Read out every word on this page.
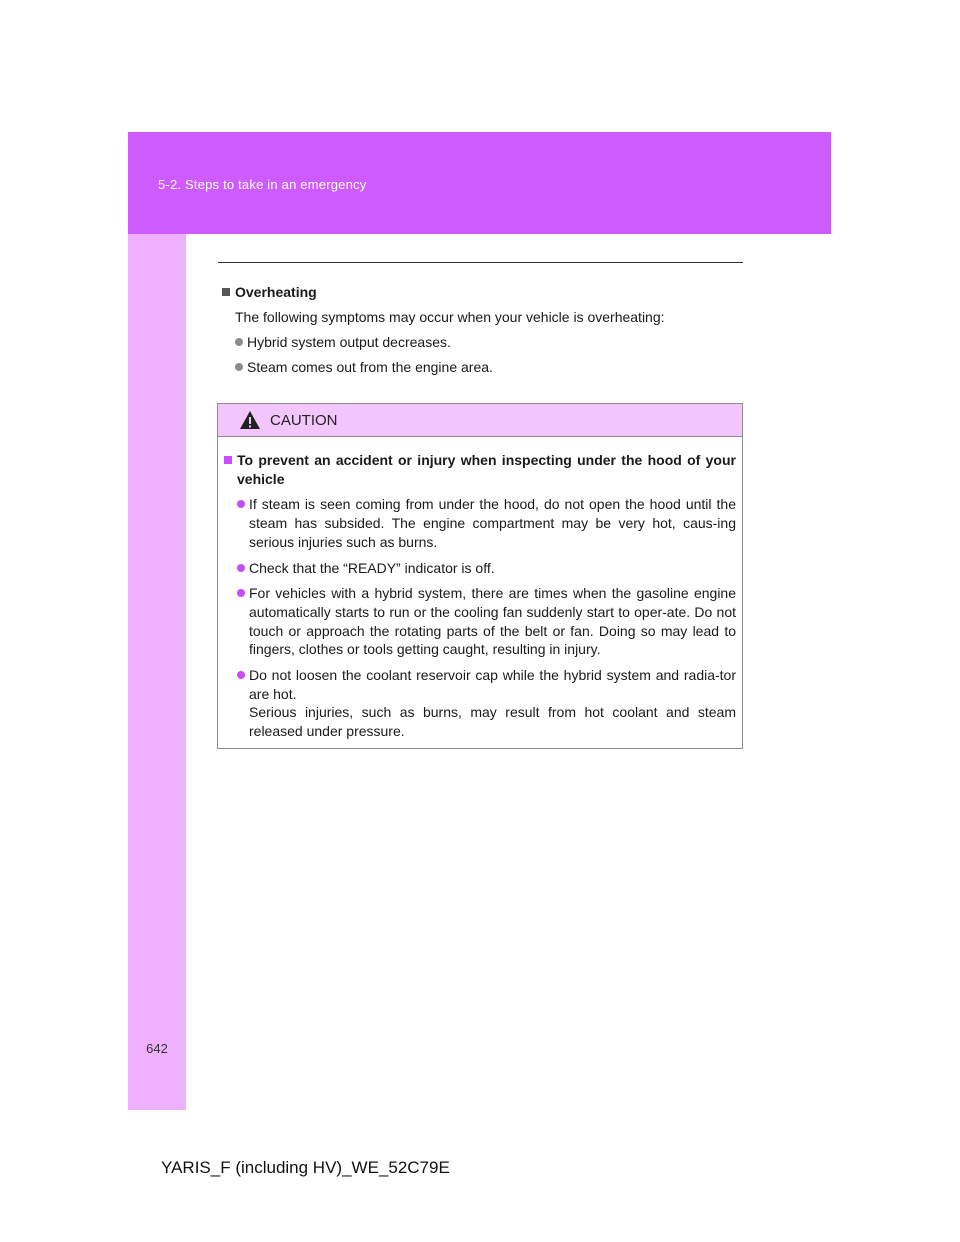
5-2. Steps to take in an emergency
642
Overheating
The following symptoms may occur when your vehicle is overheating:
Hybrid system output decreases.
Steam comes out from the engine area.
CAUTION
To prevent an accident or injury when inspecting under the hood of your vehicle
If steam is seen coming from under the hood, do not open the hood until the steam has subsided. The engine compartment may be very hot, caus-ing serious injuries such as burns.
Check that the “READY” indicator is off.
For vehicles with a hybrid system, there are times when the gasoline engine automatically starts to run or the cooling fan suddenly start to oper-ate. Do not touch or approach the rotating parts of the belt or fan. Doing so may lead to fingers, clothes or tools getting caught, resulting in injury.
Do not loosen the coolant reservoir cap while the hybrid system and radia-tor are hot.
Serious injuries, such as burns, may result from hot coolant and steam released under pressure.
YARIS_F (including HV)_WE_52C79E
